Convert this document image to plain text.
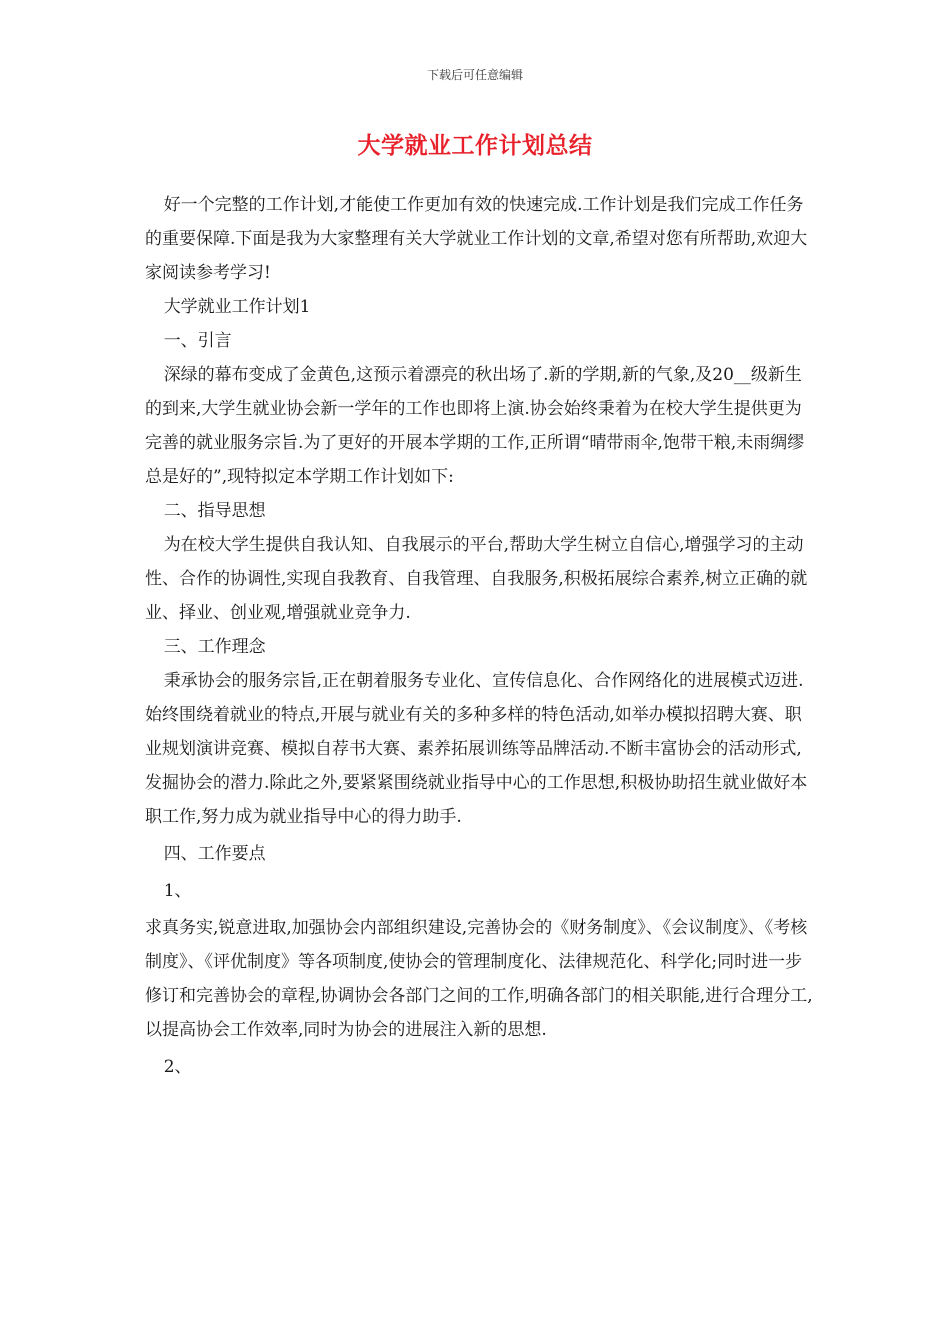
下载后可任意编辑
大学就业工作计划总结

好一个完整的工作计划,才能使工作更加有效的快速完成.工作计划是我们完成工作任务的重要保障.下面是我为大家整理有关大学就业工作计划的文章,希望对您有所帮助,欢迎大家阅读参考学习!

大学就业工作计划1

一、引言

深绿的幕布变成了金黄色,这预示着漂亮的秋出场了.新的学期,新的气象,及20__级新生的到来,大学生就业协会新一学年的工作也即将上演.协会始终秉着为在校大学生提供更为完善的就业服务宗旨.为了更好的开展本学期的工作,正所谓“晴带雨伞,饱带干粮,未雨绸缪总是好的”,现特拟定本学期工作计划如下:

二、指导思想

为在校大学生提供自我认知、自我展示的平台,帮助大学生树立自信心,增强学习的主动性、合作的协调性,实现自我教育、自我管理、自我服务,积极拓展综合素养,树立正确的就业、择业、创业观,增强就业竞争力.

三、工作理念

秉承协会的服务宗旨,正在朝着服务专业化、宣传信息化、合作网络化的进展模式迈进.始终围绕着就业的特点,开展与就业有关的多种多样的特色活动,如举办模拟招聘大赛、职业规划演讲竞赛、模拟自荐书大赛、素养拓展训练等品牌活动.不断丰富协会的活动形式,发掘协会的潜力.除此之外,要紧紧围绕就业指导中心的工作思想,积极协助招生就业做好本职工作,努力成为就业指导中心的得力助手.

四、工作要点

1、

求真务实,锐意进取,加强协会内部组织建设,完善协会的《财务制度》、《会议制度》、《考核制度》、《评优制度》等各项制度,使协会的管理制度化、法律规范化、科学化;同时进一步修订和完善协会的章程,协调协会各部门之间的工作,明确各部门的相关职能,进行合理分工,以提高协会工作效率,同时为协会的进展注入新的思想.

2、
